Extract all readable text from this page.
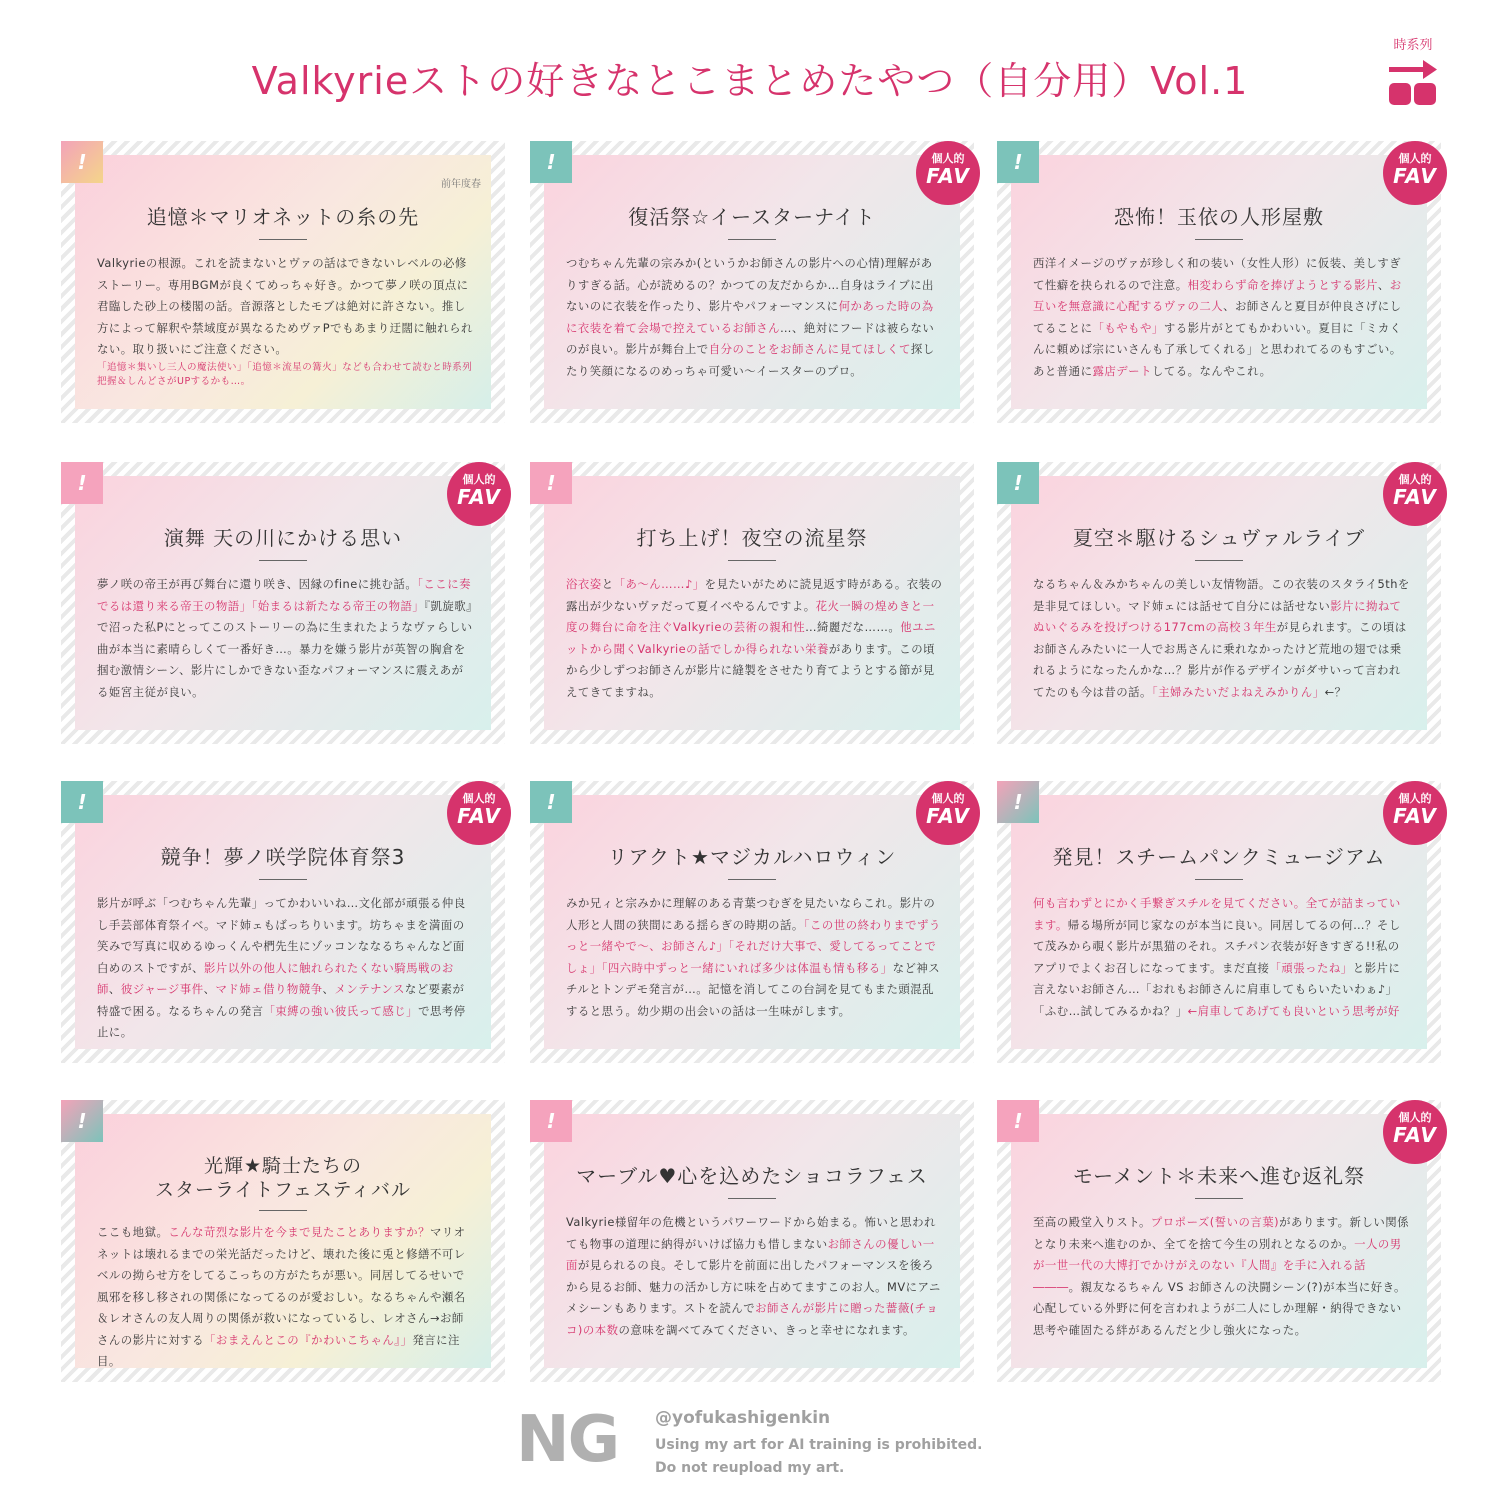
Valkyrieストの好きなとこまとめたやつ（自分用）Vol.1
時系列
前年度春
追憶＊マリオネットの糸の先

Valkyrieの根源。これを読まないとヴァの話はできないレベルの必修ストーリー。専用BGMが良くてめっちゃ好き。かつて夢ノ咲の頂点に君臨した砂上の楼閣の話。音源落としたモブは絶対に許さない。推し方によって解釈や禁域度が異なるためヴァPでもあまり迂闊に触れられない。取り扱いにご注意ください。

「追憶＊集いし三人の魔法使い」「追憶＊流星の篝火」なども合わせて読むと時系列把握＆しんどさがUPするかも…。

!
復活祭☆イースターナイト

つむちゃん先輩の宗みか(というかお師さんの影片への心情)理解がありすぎる話。心が読めるの？かつての友だからか…自身はライブに出ないのに衣装を作ったり、影片やパフォーマンスに何かあった時の為に衣装を着て会場で控えているお師さん…、絶対にフードは被らないのが良い。影片が舞台上で自分のことをお師さんに見てほしくて探したり笑顔になるのめっちゃ可愛い〜イースターのプロ。

!	個人的
FAV
恐怖！玉依の人形屋敷

西洋イメージのヴァが珍しく和の装い（女性人形）に仮装、美しすぎて性癖を抉られるので注意。相変わらず命を捧げようとする影片、お互いを無意識に心配するヴァの二人、お師さんと夏目が仲良さげにしてることに「もやもや」する影片がとてもかわいい。夏目に「ミカくんに頼めば宗にいさんも了承してくれる」と思われてるのもすごい。あと普通に露店デートしてる。なんやこれ。

!	個人的
FAV
演舞 天の川にかける思い

夢ノ咲の帝王が再び舞台に還り咲き、因縁のfineに挑む話。「ここに奏でるは還り来る帝王の物語」「始まるは新たなる帝王の物語」『凱旋歌』で沼った私Pにとってこのストーリーの為に生まれたようなヴァらしい曲が本当に素晴らしくて一番好き…。暴力を嫌う影片が英智の胸倉を掴む激情シーン、影片にしかできない歪なパフォーマンスに震えあがる姫宮主従が良い。

!	個人的
FAV
打ち上げ！夜空の流星祭

浴衣姿と「あ〜ん……♪」を見たいがために読見返す時がある。衣装の露出が少ないヴァだって夏イベやるんですよ。花火一瞬の煌めきと一度の舞台に命を注ぐValkyrieの芸術の親和性…綺麗だな……。他ユニットから聞くValkyrieの話でしか得られない栄養があります。この頃から少しずつお師さんが影片に縫製をさせたり育てようとする節が見えてきてますね。

!
夏空＊駆けるシュヴァルライブ

なるちゃん＆みかちゃんの美しい友情物語。この衣装のスタライ5thを是非見てほしい。マド姉ェには話せて自分には話せない影片に拗ねてぬいぐるみを投げつける177cmの高校３年生が見られます。この頃はお師さんみたいに一人でお馬さんに乗れなかったけど荒地の翅では乗れるようになったんかな…？影片が作るデザインがダサいって言われてたのも今は昔の話。「主婦みたいだよねえみかりん」←？

!	個人的
FAV
競争！夢ノ咲学院体育祭3

影片が呼ぶ「つむちゃん先輩」ってかわいいね…文化部が頑張る仲良し手芸部体育祭イベ。マド姉ェもばっちりいます。坊ちゃまを満面の笑みで写真に収めるゆっくんや椚先生にゾッコンななるちゃんなど面白めのストですが、影片以外の他人に触れられたくない騎馬戦のお師、彼ジャージ事件、マド姉ェ借り物競争、メンテナンスなど要素が特盛で困る。なるちゃんの発言「束縛の強い彼氏って感じ」で思考停止に。

!	個人的
FAV
リアクト★マジカルハロウィン

みか兄ィと宗みかに理解のある青葉つむぎを見たいならこれ。影片の人形と人間の狭間にある揺らぎの時期の話。「この世の終わりまでずうっと一緒やで〜、お師さん♪」「それだけ大事で、愛してるってことでしょ」「四六時中ずっと一緒にいれば多少は体温も情も移る」など神スチルとトンデモ発言が…。記憶を消してこの台詞を見てもまた頭混乱すると思う。幼少期の出会いの話は一生味がします。

!	個人的
FAV
発見！スチームパンクミュージアム

何も言わずとにかく手繋ぎスチルを見てください。全てが詰まっています。帰る場所が同じ家なのが本当に良い。同居してるの何…？そして茂みから覗く影片が黒猫のそれ。スチパン衣装が好きすぎる!!私のアプリでよくお召しになってます。まだ直接「頑張ったね」と影片に言えないお師さん…「おれもお師さんに肩車してもらいたいわぁ♪」「ふむ…試してみるかね？」←肩車してあげても良いという思考が好

!	個人的
FAV
光輝★騎士たちの
スターライトフェスティバル

ここも地獄。こんな苛烈な影片を今まで見たことありますか？マリオネットは壊れるまでの栄光話だったけど、壊れた後に兎と修繕不可レベルの拗らせ方をしてるこっちの方がたちが悪い。同居してるせいで風邪を移し移されの関係になってるのが愛おしい。なるちゃんや瀬名＆レオさんの友人周りの関係が救いになっているし、レオさん→お師さんの影片に対する「おまえんとこの『かわいこちゃん』」発言に注目。

!
マーブル♥心を込めたショコラフェス

Valkyrie様留年の危機というパワーワードから始まる。怖いと思われても物事の道理に納得がいけば協力も惜しまないお師さんの優しい一面が見られるの良。そして影片を前面に出したパフォーマンスを後ろから見るお師、魅力の活かし方に味を占めてますこのお人。MVにアニメシーンもあります。ストを読んでお師さんが影片に贈った薔薇(チョコ)の本数の意味を調べてみてください、きっと幸せになれます。

!
モーメント＊未来へ進む返礼祭

至高の殿堂入りスト。プロポーズ(誓いの言葉)があります。新しい関係となり未来へ進むのか、全てを捨て今生の別れとなるのか。一人の男が一世一代の大博打でかけがえのない『人間』を手に入れる話―――。親友なるちゃん VS お師さんの決闘シーン(?)が本当に好き。心配している外野に何を言われようが二人にしか理解・納得できない思考や確固たる絆があるんだと少し強火になった。

!	個人的
FAV
NG @yofukashigenkin
Using my art for AI training is prohibited.
Do not reupload my art.
